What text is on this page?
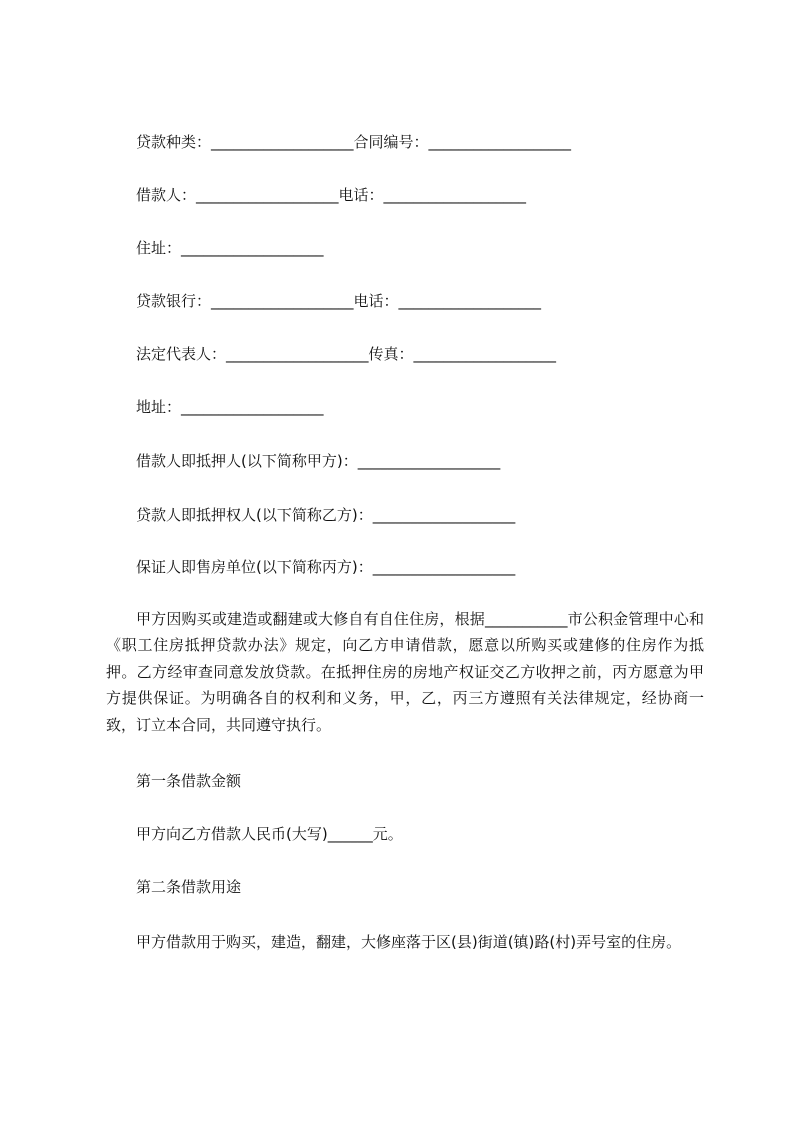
贷款种类：___________________合同编号：___________________
借款人：___________________电话：___________________
住址：___________________
贷款银行：___________________电话：___________________
法定代表人：___________________传真：___________________
地址：___________________
借款人即抵押人(以下简称甲方)：___________________
贷款人即抵押权人(以下简称乙方)：___________________
保证人即售房单位(以下简称丙方)：___________________
甲方因购买或建造或翻建或大修自有自住住房，根据___________市公积金管理中心和《职工住房抵押贷款办法》规定，向乙方申请借款，愿意以所购买或建修的住房作为抵押。乙方经审查同意发放贷款。在抵押住房的房地产权证交乙方收押之前，丙方愿意为甲方提供保证。为明确各自的权利和义务，甲，乙，丙三方遵照有关法律规定，经协商一致，订立本合同，共同遵守执行。
第一条借款金额
甲方向乙方借款人民币(大写)______元。
第二条借款用途
甲方借款用于购买，建造，翻建，大修座落于区(县)街道(镇)路(村)弄号室的住房。
